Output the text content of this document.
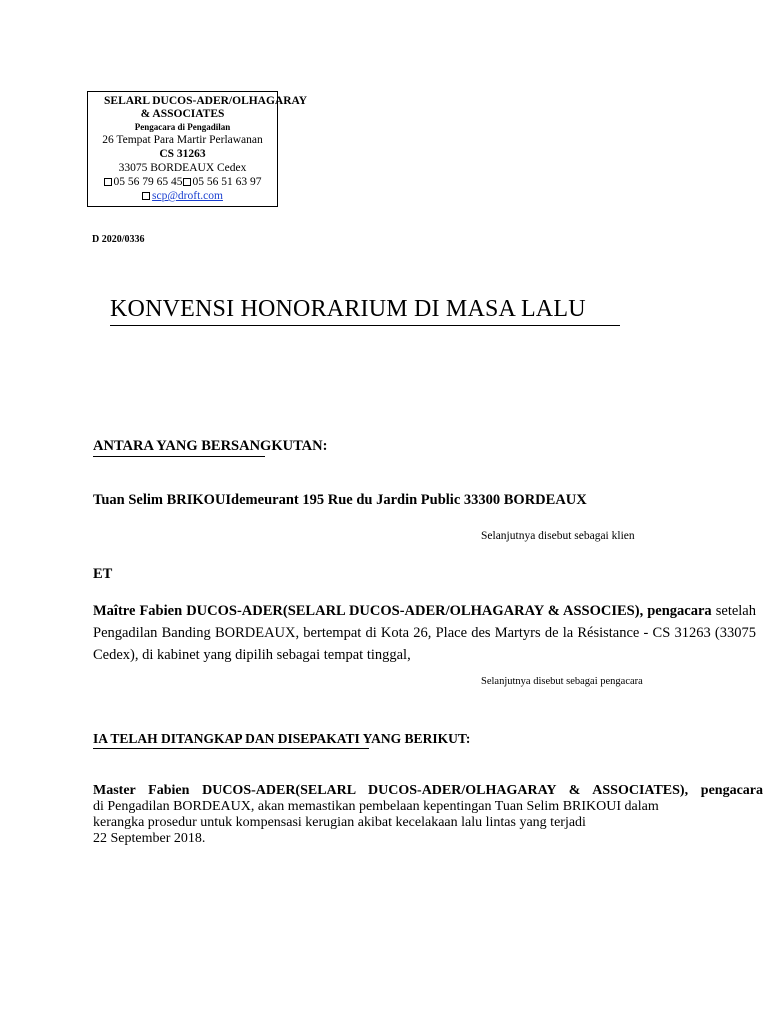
SELARL DUCOS-ADER/OLHAGARAY
& ASSOCIATES
Pengacara di Pengadilan
26 Tempat Para Martir Perlawanan
CS 31263
33075 BORDEAUX Cedex
05 56 79 65 45 05 56 51 63 97
scp@droft.com
D 2020/0336
KONVENSI HONORARIUM DI MASA LALU
ANTARA YANG BERSANGKUTAN:
Tuan Selim BRIKOUIdemeurant 195 Rue du Jardin Public 33300 BORDEAUX
Selanjutnya disebut sebagai klien
ET
Maître Fabien DUCOS-ADER(SELARL DUCOS-ADER/OLHAGARAY & ASSOCIES), pengacara setelah Pengadilan Banding BORDEAUX, bertempat di Kota 26, Place des Martyrs de la Résistance - CS 31263 (33075 Cedex), di kabinet yang dipilih sebagai tempat tinggal,
Selanjutnya disebut sebagai pengacara
IA TELAH DITANGKAP DAN DISEPAKATI YANG BERIKUT:
Master Fabien DUCOS-ADER(SELARL DUCOS-ADER/OLHAGARAY & ASSOCIATES), pengacara
di Pengadilan BORDEAUX, akan memastikan pembelaan kepentingan Tuan Selim BRIKOUI dalam
kerangka prosedur untuk kompensasi kerugian akibat kecelakaan lalu lintas yang terjadi
22 September 2018.
